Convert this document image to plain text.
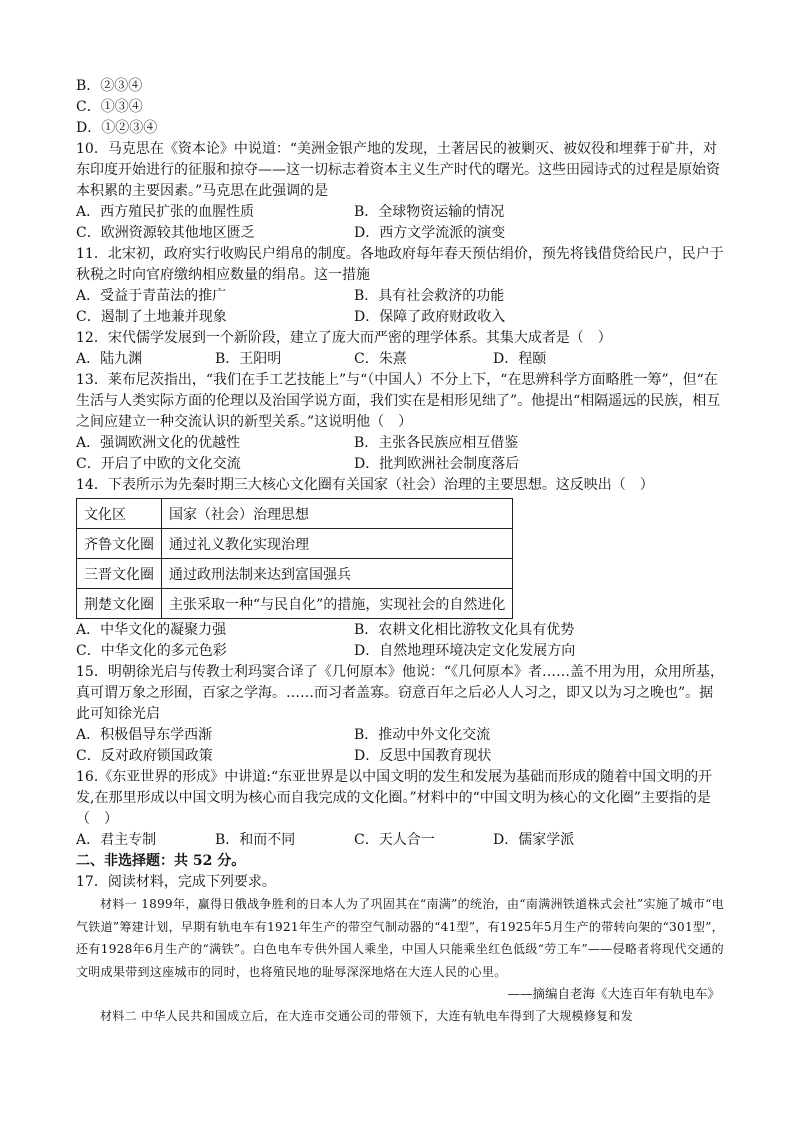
B．②③④
C．①③④
D．①②③④
10．马克思在《资本论》中说道：“美洲金银产地的发现，土著居民的被剿灭、被奴役和埋葬于矿井，对东印度开始进行的征服和掠夺——这一切标志着资本主义生产时代的曙光。这些田园诗式的过程是原始资本积累的主要因素。”马克思在此强调的是
A．西方殖民扩张的血腥性质	B．全球物资运输的情况
C．欧洲资源较其他地区匮乏	D．西方文学流派的演变
11．北宋初，政府实行收购民户绢帛的制度。各地政府每年春天预估绢价，预先将钱借贷给民户，民户于秋税之时向官府缴纳相应数量的绢帛。这一措施
A．受益于青苗法的推广	B．具有社会救济的功能
C．遏制了土地兼并现象	D．保障了政府财政收入
12．宋代儒学发展到一个新阶段，建立了庞大而严密的理学体系。其集大成者是（　）
A．陆九渊	B．王阳明	C．朱熹	D．程颐
13．莱布尼茨指出，“我们在手工艺技能上”与“（中国人）不分上下，“在思辨科学方面略胜一筹”，但“在生活与人类实际方面的伦理以及治国学说方面，我们实在是相形见绌了”。他提出“相隔遥远的民族，相互之间应建立一种交流认识的新型关系。”这说明他（　）
A．强调欧洲文化的优越性	B．主张各民族应相互借鉴
C．开启了中欧的文化交流	D．批判欧洲社会制度落后
14．下表所示为先秦时期三大核心文化圈有关国家（社会）治理的主要思想。这反映出（　）
文化区	国家（社会）治理思想
齐鲁文化圈	通过礼义教化实现治理
三晋文化圈	通过政刑法制来达到富国强兵
荆楚文化圈	主张采取一种“与民自化”的措施，实现社会的自然进化
A．中华文化的凝聚力强	B．农耕文化相比游牧文化具有优势
C．中华文化的多元色彩	D．自然地理环境决定文化发展方向
15．明朝徐光启与传教士利玛窦合译了《几何原本》他说：“《几何原本》者……盖不用为用，众用所基，真可谓万象之形囿，百家之学海。……而习者盖寡。窃意百年之后必人人习之，即又以为习之晚也”。据此可知徐光启
A．积极倡导东学西渐	B．推动中外文化交流
C．反对政府锁国政策	D．反思中国教育现状
16.《东亚世界的形成》中讲道:“东亚世界是以中国文明的发生和发展为基础而形成的随着中国文明的开发,在那里形成以中国文明为核心而自我完成的文化圈。”材料中的“中国文明为核心的文化圈”主要指的是（　）
A．君主专制	B．和而不同	C．天人合一	D．儒家学派
二、非选择题：共 52 分。
17．阅读材料，完成下列要求。
材料一 1899年，赢得日俄战争胜利的日本人为了巩固其在“南满”的统治，由“南满洲铁道株式会社”实施了城市“电气铁道”筹建计划，早期有轨电车有1921年生产的带空气制动器的“41型”，有1925年5月生产的带转向架的“301型”，还有1928年6月生产的“满铁”。白色电车专供外国人乘坐，中国人只能乘坐红色低级“劳工车”——侵略者将现代交通的文明成果带到这座城市的同时，也将殖民地的耻辱深深地烙在大连人民的心里。
——摘编自老海《大连百年有轨电车》
材料二 中华人民共和国成立后，在大连市交通公司的带领下，大连有轨电车得到了大规模修复和发
